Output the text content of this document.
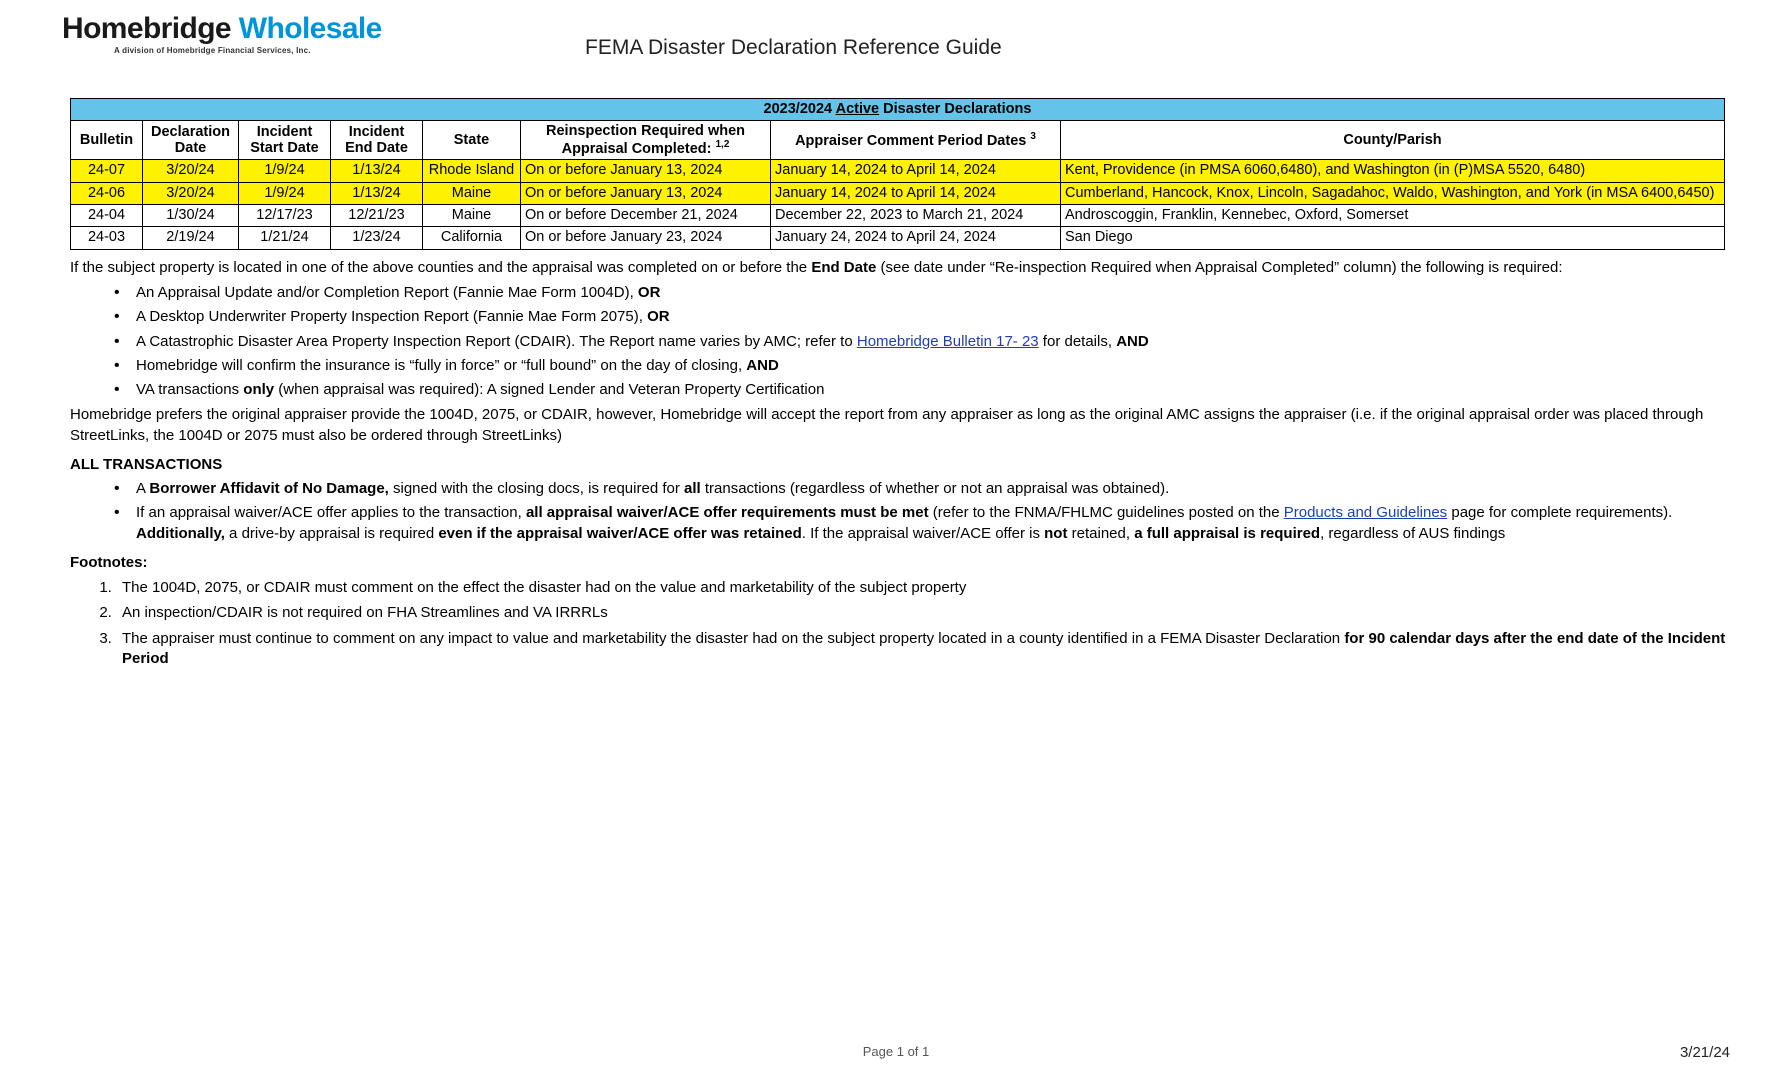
Homebridge Wholesale
A division of Homebridge Financial Services, Inc.	FEMA Disaster Declaration Reference Guide
2023/2024 Active Disaster Declarations							
Bulletin	Declaration Date	Incident Start Date	Incident End Date	State	Reinspection Required when Appraisal Completed: $^{1,2}$	Appraiser Comment Period Dates $^3$	County/Parish
24-07	3/20/24	1/9/24	1/13/24	Rhode Island	On or before January 13, 2024	January 14, 2024 to April 14, 2024	Kent, Providence (in PMSA 6060,6480), and Washington (in (P)MSA 5520, 6480)
24-06	3/20/24	1/9/24	1/13/24	Maine	On or before January 13, 2024	January 14, 2024 to April 14, 2024	Cumberland, Hancock, Knox, Lincoln, Sagadahoc, Waldo, Washington, and York (in MSA 6400,6450)
24-04	1/30/24	12/17/23	12/21/23	Maine	On or before December 21, 2024	December 22, 2023 to March 21, 2024	Androscoggin, Franklin, Kennebec, Oxford, Somerset
24-03	2/19/24	1/21/24	1/23/24	California	On or before January 23, 2024	January 24, 2024 to April 24, 2024	San Diego

If the subject property is located in one of the above counties and the appraisal was completed on or before the End Date (see date under “Re-inspection Required when Appraisal Completed” column) the following is required:

• An Appraisal Update and/or Completion Report (Fannie Mae Form 1004D), OR
• A Desktop Underwriter Property Inspection Report (Fannie Mae Form 2075), OR
• A Catastrophic Disaster Area Property Inspection Report (CDAIR). The Report name varies by AMC; refer to Homebridge Bulletin 17- 23 for details, AND
• Homebridge will confirm the insurance is “fully in force” or “full bound” on the day of closing, AND
• VA transactions only (when appraisal was required): A signed Lender and Veteran Property Certification

Homebridge prefers the original appraiser provide the 1004D, 2075, or CDAIR, however, Homebridge will accept the report from any appraiser as long as the original AMC assigns the appraiser (i.e. if the original appraisal order was placed through StreetLinks, the 1004D or 2075 must also be ordered through StreetLinks)

ALL TRANSACTIONS
• A Borrower Affidavit of No Damage, signed with the closing docs, is required for all transactions (regardless of whether or not an appraisal was obtained).
• If an appraisal waiver/ACE offer applies to the transaction, all appraisal waiver/ACE offer requirements must be met (refer to the FNMA/FHLMC guidelines posted on the Products and Guidelines page for complete requirements). Additionally, a drive-by appraisal is required even if the appraisal waiver/ACE offer was retained. If the appraisal waiver/ACE offer is not retained, a full appraisal is required, regardless of AUS findings
Footnotes:
1. The 1004D, 2075, or CDAIR must comment on the effect the disaster had on the value and marketability of the subject property
2. An inspection/CDAIR is not required on FHA Streamlines and VA IRRRLs
3. The appraiser must continue to comment on any impact to value and marketability the disaster had on the subject property located in a county identified in a FEMA Disaster Declaration for 90 calendar days after the end date of the Incident Period
Page 1 of 1	3/21/24
